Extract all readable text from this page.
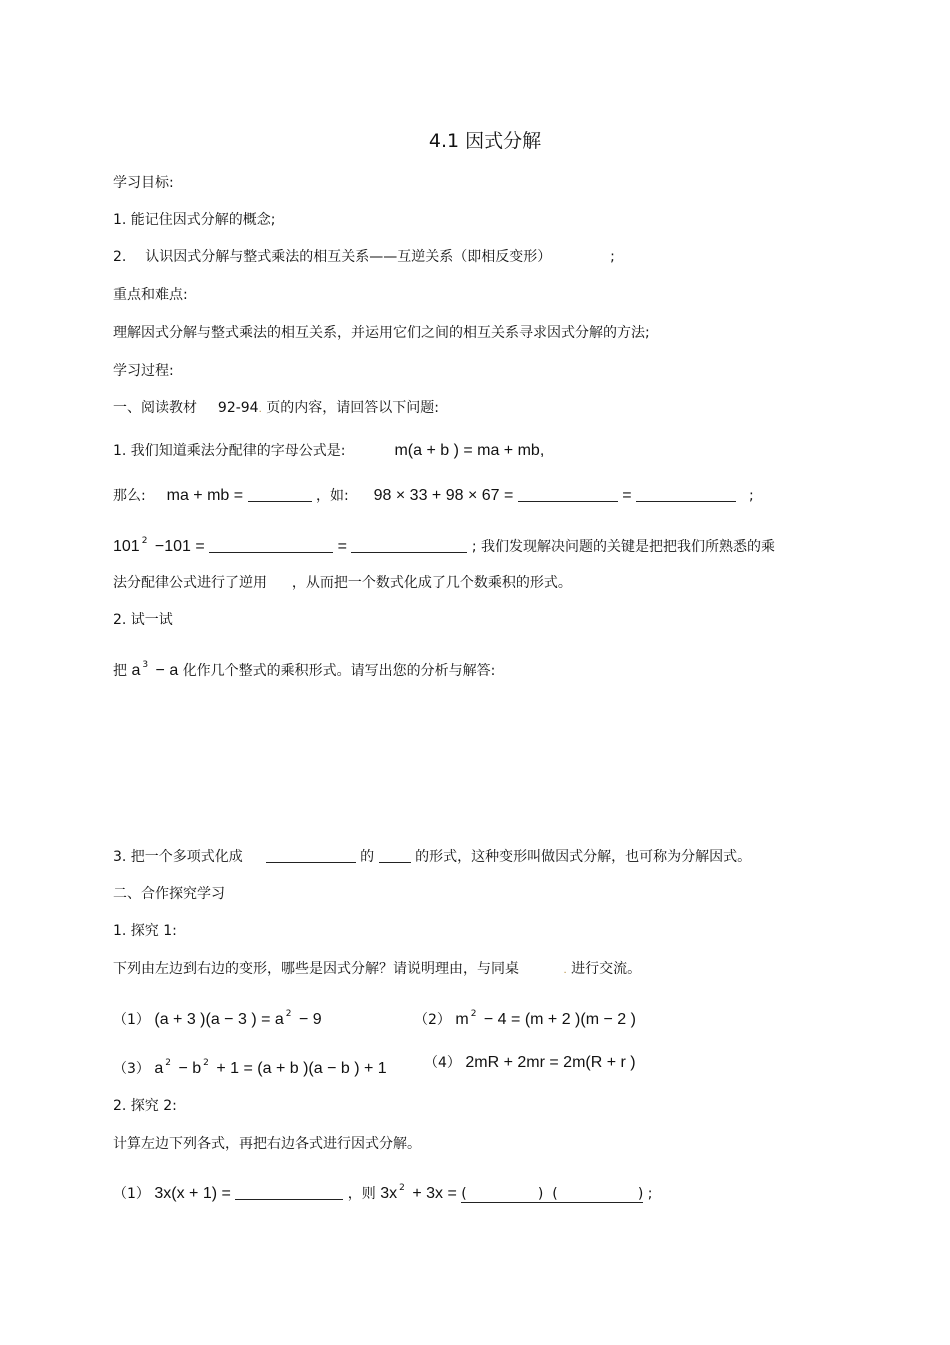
4.1 因式分解
学习目标:
1. 能记住因式分解的概念;
2. 认识因式分解与整式乘法的相互关系——互逆关系（即相反变形）	;
重点和难点:
理解因式分解与整式乘法的相互关系，并运用它们之间的相互关系寻求因式分解的方法;
学习过程:
一、阅读教材 92-94. 页的内容，请回答以下问题:
1. 我们知道乘法分配律的字母公式是:	m(a + b ) = ma + mb,
那么: ma + mb =	，如: 98 × 33 + 98 × 67 =	=	;
101 $^2$ −101 =	=	; 我们发现解决问题的关键是把把我们所熟悉的乘
法分配律公式进行了逆用 ，从而把一个数式化成了几个数乘积的形式。
2. 试一试
把 a $^3$ − a 化作几个整式的乘积形式。请写出您的分析与解答:
3. 把一个多项式化成	的	的形式，这种变形叫做因式分解，也可称为分解因式。
二、合作探究学习
1. 探究 1:
下列由左边到右边的变形，哪些是因式分解？请说明理由，与同桌	. 进行交流。
（1） (a + 3 )(a − 3 ) = a $^2$ − 9	（2） m $^2$ − 4 = (m + 2 )(m − 2 )
（3） a $^2$ − b $^2$ + 1 = (a + b )(a − b ) + 1	（4） 2mR + 2mr = 2m(R + r )
2. 探究 2:
计算左边下列各式，再把右边各式进行因式分解。
（1） 3x(x + 1) =	，则 3x $^2$ + 3x = (                )  (                  ) ;
